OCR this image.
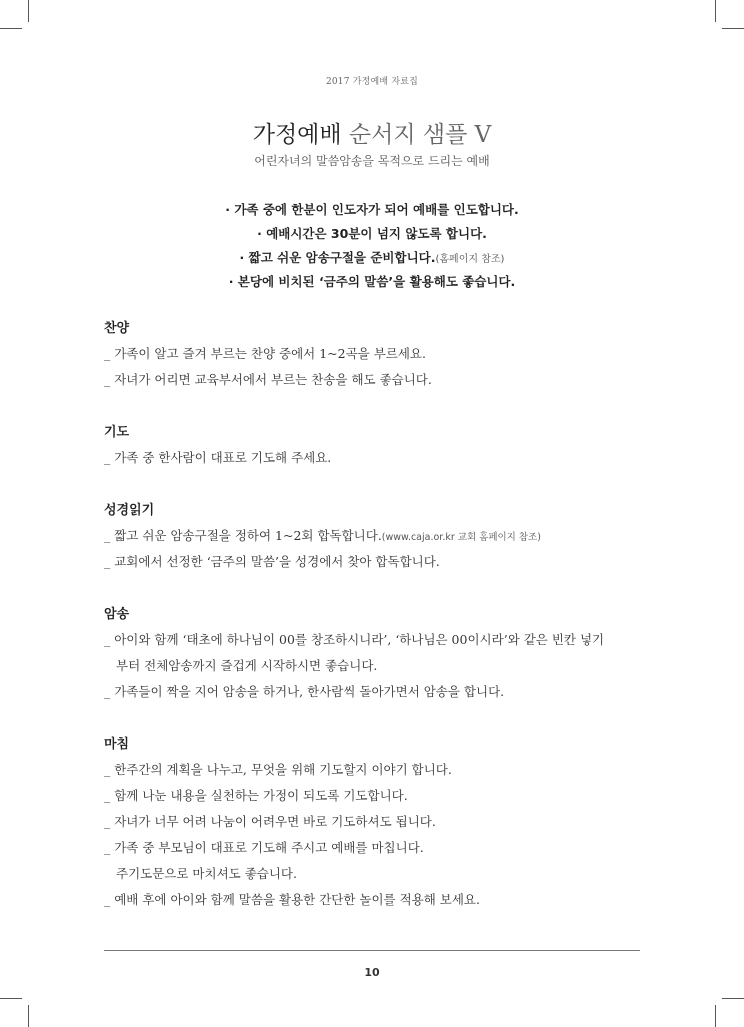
2017 가정예배 자료집
가정예배 순서지 샘플 V
어린자녀의 말씀암송을 목적으로 드리는 예배
· 가족 중에 한분이 인도자가 되어 예배를 인도합니다.
· 예배시간은 30분이 넘지 않도록 합니다.
· 짧고 쉬운 암송구절을 준비합니다.(홈페이지 참조)
· 본당에 비치된 ‘금주의 말씀’을 활용해도 좋습니다.
찬양
_ 가족이 알고 즐겨 부르는 찬양 중에서 1~2곡을 부르세요.
_ 자녀가 어리면 교육부서에서 부르는 찬송을 해도 좋습니다.
기도
_ 가족 중 한사람이 대표로 기도해 주세요.
성경읽기
_ 짧고 쉬운 암송구절을 정하여 1~2회 합독합니다.(www.caja.or.kr 교회 홈페이지 참조)
_ 교회에서 선정한 ‘금주의 말씀’을 성경에서 찾아 합독합니다.
암송
_ 아이와 함께 ‘태초에 하나님이 00를 창조하시니라’, ‘하나님은 00이시라’와 같은 빈칸 넣기
부터 전체암송까지 즐겁게 시작하시면 좋습니다.
_ 가족들이 짝을 지어 암송을 하거나, 한사람씩 돌아가면서 암송을 합니다.
마침
_ 한주간의 계획을 나누고, 무엇을 위해 기도할지 이야기 합니다.
_ 함께 나눈 내용을 실천하는 가정이 되도록 기도합니다.
_ 자녀가 너무 어려 나눔이 어려우면 바로 기도하셔도 됩니다.
_ 가족 중 부모님이 대표로 기도해 주시고 예배를 마칩니다.
주기도문으로 마치셔도 좋습니다.
_ 예배 후에 아이와 함께 말씀을 활용한 간단한 놀이를 적용해 보세요.
10
